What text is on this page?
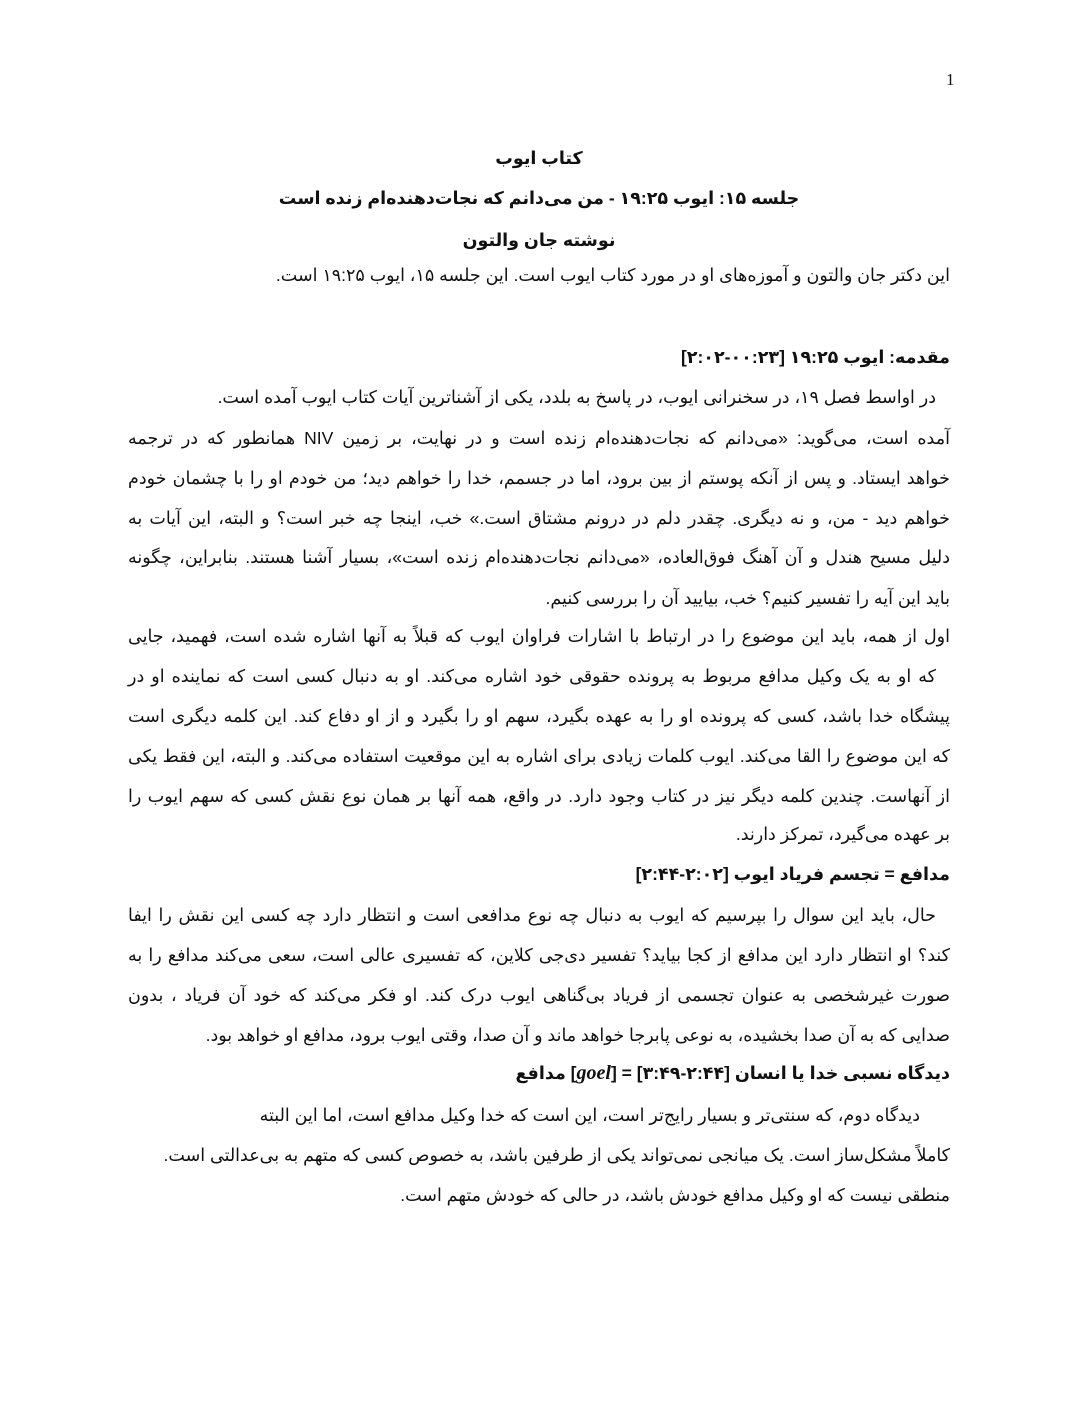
1
کتاب ایوب
جلسه ۱۵: ایوب ۱۹:۲۵ - من می‌دانم که نجات‌دهنده‌ام زنده است
نوشته جان والتون
این دکتر جان والتون و آموزه‌های او در مورد کتاب ایوب است. این جلسه ۱۵، ایوب ۱۹:۲۵ است.
مقدمه: ایوب ۱۹:۲۵ [۰۰:۲۳-۲:۰۲]
در اواسط فصل ۱۹، در سخنرانی ایوب، در پاسخ به بلدد، یکی از آشناترین آیات کتاب ایوب آمده است.
آمده است، می‌گوید: «می‌دانم که نجات‌دهنده‌ام زنده است و در نهایت، بر زمین NIV همانطور که در ترجمه
خواهد ایستاد. و پس از آنکه پوستم از بین برود، اما در جسمم، خدا را خواهم دید؛ من خودم او را با چشمان خودم
خواهم دید - من، و نه دیگری. چقدر دلم در درونم مشتاق است.» خب، اینجا چه خبر است؟ و البته، این آیات به
دلیل مسیح هندل و آن آهنگ فوق‌العاده، «می‌دانم نجات‌دهنده‌ام زنده است»، بسیار آشنا هستند. بنابراین، چگونه
باید این آیه را تفسیر کنیم؟ خب، بیایید آن را بررسی کنیم.
اول از همه، باید این موضوع را در ارتباط با اشارات فراوان ایوب که قبلاً به آنها اشاره شده است، فهمید، جایی
که او به یک وکیل مدافع مربوط به پرونده حقوقی خود اشاره می‌کند. او به دنبال کسی است که نماینده او در
پیشگاه خدا باشد، کسی که پرونده او را به عهده بگیرد، سهم او را بگیرد و از او دفاع کند. این کلمه دیگری است
که این موضوع را القا می‌کند. ایوب کلمات زیادی برای اشاره به این موقعیت استفاده می‌کند. و البته، این فقط یکی
از آنهاست. چندین کلمه دیگر نیز در کتاب وجود دارد. در واقع، همه آنها بر همان نوع نقش کسی که سهم ایوب را
بر عهده می‌گیرد، تمرکز دارند.
مدافع = تجسم فریاد ایوب [۲:۰۲-۲:۴۴]
حال، باید این سوال را بپرسیم که ایوب به دنبال چه نوع مدافعی است و انتظار دارد چه کسی این نقش را ایفا
کند؟ او انتظار دارد این مدافع از کجا بیاید؟ تفسیر دی‌جی کلاین، که تفسیری عالی است، سعی می‌کند مدافع را به
صورت غیرشخصی به عنوان تجسمی از فریاد بی‌گناهی ایوب درک کند. او فکر می‌کند که خود آن فریاد ، بدون
صدایی که به آن صدا بخشیده، به نوعی پابرجا خواهد ماند و آن صدا، وقتی ایوب برود، مدافع او خواهد بود.
دیدگاه نسبی خدا یا انسان [۲:۴۴-۳:۴۹] = [goel] مدافع
دیدگاه دوم، که سنتی‌تر و بسیار رایج‌تر است، این است که خدا وکیل مدافع است، اما این البته
کاملاً مشکل‌ساز است. یک میانجی نمی‌تواند یکی از طرفین باشد، به خصوص کسی که متهم به بی‌عدالتی است.
منطقی نیست که او وکیل مدافع خودش باشد، در حالی که خودش متهم است.
